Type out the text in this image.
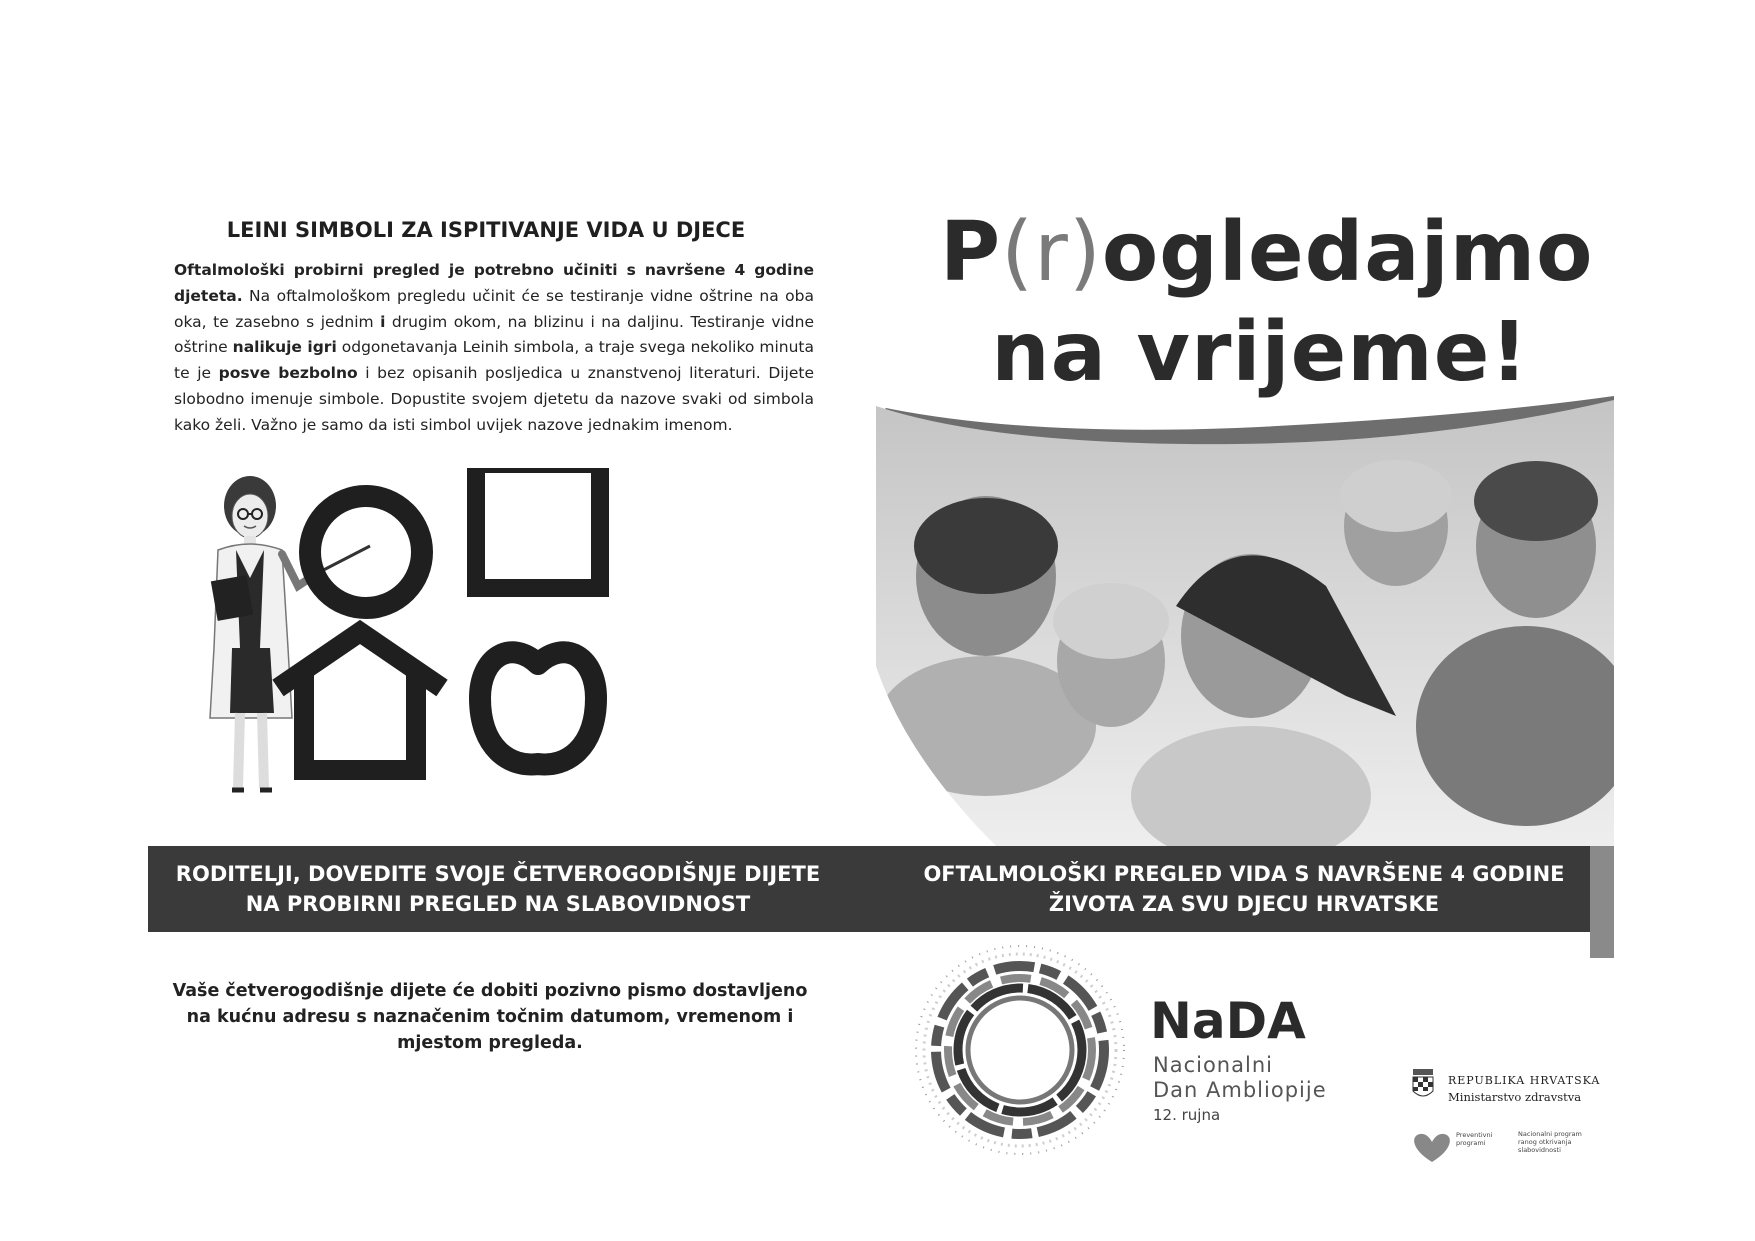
LEINI SIMBOLI ZA ISPITIVANJE VIDA U DJECE
Oftalmološki probirni pregled je potrebno učiniti s navršene 4 godine djeteta. Na oftalmološkom pregledu učinit će se testiranje vidne oštrine na oba oka, te zasebno s jednim i drugim okom, na blizinu i na daljinu. Testiranje vidne oštrine nalikuje igri odgonetavanja Leinih simbola, a traje svega nekoliko minuta te je posve bezbolno i bez opisanih posljedica u znanstvenoj literaturi. Dijete slobodno imenuje simbole. Dopustite svojem djetetu da nazove svaki od simbola kako želi. Važno je samo da isti simbol uvijek nazove jednakim imenom.
P(r)ogledajmo
na vrijeme!
RODITELJI, DOVEDITE SVOJE ČETVEROGODIŠNJE DIJETE
NA PROBIRNI PREGLED NA SLABOVIDNOST
OFTALMOLOŠKI PREGLED VIDA S NAVRŠENE 4 GODINE
ŽIVOTA ZA SVU DJECU HRVATSKE
Vaše četverogodišnje dijete će dobiti pozivno pismo dostavljeno
na kućnu adresu s naznačenim točnim datumom, vremenom i
mjestom pregleda.	NaDA
Nacionalni
Dan Ambliopije
12. rujna
REPUBLIKA HRVATSKA
Ministarstvo zdravstva
Preventivni programi
Nacionalni program ranog otkrivanja slabovidnosti
